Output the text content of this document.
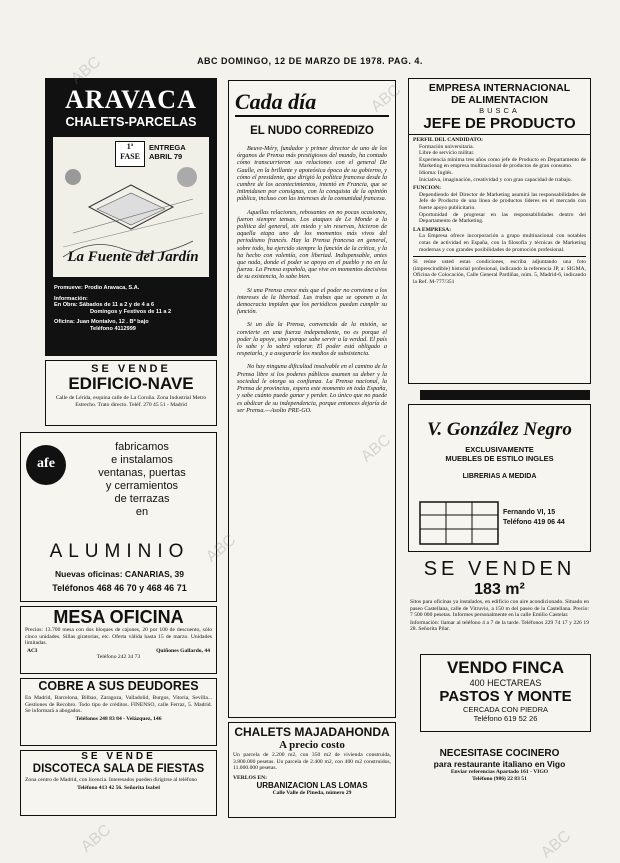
ABC DOMINGO, 12 DE MARZO DE 1978. PAG. 4.
ARAVACA
CHALETS-PARCELAS
1ª FASE
ENTREGA ABRIL 79
La Fuente del Jardín
Promueve: Prodio Aravaca, S.A.
Información:
En Obra: Sábados de 11 a 2 y de 4 a 6
Domingos y Festivos de 11 a 2
Oficina: Juan Montalvo, 12 . Bº bajo
Teléfono 4112999
SE VENDE
EDIFICIO-NAVE
Calle de Lérida, esquina calle de La Coruña. Zona Industrial Metro Estrecho. Trato directo. Teléf. 270 45 51 - Madrid
afe
fabricamos
e instalamos
ventanas, puertas
y cerramientos
de terrazas
en
ALUMINIO
Nuevas oficinas: CANARIAS, 39
Teléfonos 468 46 70 y 468 46 71
MESA OFICINA
Precios: 13.700 mesa con dos bloques de cajones, 20 por 100 de descuento, sólo cinco unidades. Sillas giratorias, etc. Oferta válida hasta 15 de marzo. Unidades limitadas.
ACI	Quiñones Gallardo, 44
Teléfono 242 34 73
COBRE A SUS DEUDORES
En Madrid, Barcelona, Bilbao, Zaragoza, Valladolid, Burgos, Vitoria, Sevilla... Gestiones de Recobro. Todo tipo de créditos. FINENSO, calle Ferraz, 5. Madrid. Se informará a abogados.
Teléfonos 248 83 84 - Velázquez, 146
SE VENDE
DISCOTECA SALA DE FIESTAS
Zona centro de Madrid, con licencia. Interesados pueden dirigirse al teléfono
Teléfono 413 42 56. Señorita Isabel
Cada día
EL NUDO CORREDIZO

Beuve-Méry, fundador y primer director de uno de los órganos de Prensa más prestigiosos del mundo, ha contado cómo transcurrieron sus relaciones con el general De Gaulle, en la brillante y apoteósica época de su gobierno, y cómo el presidente, que dirigió la política francesa desde la cumbre de los acontecimientos, intentó en Francia, que se intimidasen por consignas, con la conquista de la opinión pública, incluso con las intereses de la comunidad francesa.

Aquellas relaciones, rebosantes en no pocas ocasiones, fueron siempre tensas. Los ataques de Le Monde a la política del general, sin miedo y sin reservas, hicieron de aquella etapa uno de los momentos más vivos del periodismo francés. Hay la Prensa francesa en general, sobre todo, ha ejercido siempre la función de la crítica, y la ha hecho con valentía, con libertad. Indispensable, antes que nada, donde el poder se apoya en el pueblo y no en la fuerza. La Prensa española, que vive en momentos decisivos de su existencia, lo sabe bien.

Si una Prensa crece más que el poder no conviene a los intereses de la libertad. Las trabas que se oponen a la democracia impiden que los periódicos puedan cumplir su función.

Si un día la Prensa, convencida de la misión, se convierte en una fuerza independiente, no es porque el poder la apoye, sino porque sabe servir a la verdad. El país lo sabe y lo sabrá valorar. El poder está obligado a respetarla, y a asegurarle los medios de subsistencia.

No hay ninguna dificultad insalvable en el camino de la Prensa libre si los poderes públicos asumen su deber y la sociedad le otorga su confianza. La Prensa nacional, la Prensa de provincias, espera este momento en toda España, y sabe cuánto puede ganar y perder. Lo único que no puede es abdicar de su independencia, porque entonces dejaría de ser Prensa.—Asolto PRE-GO.

CHALETS MAJADAHONDA
A precio costo
Un parcela de 2.200 m2, con 350 m2 de vivienda construida, 3.800.000 pesetas. Un parcela de 2.400 m2, con 400 m2 construidos, 11.000.000 pesetas.
VERLOS EN:
URBANIZACION LAS LOMAS
Calle Valle de Pineda, número 29
EMPRESA INTERNACIONAL
DE ALIMENTACION
BUSCA
JEFE DE PRODUCTO
PERFIL DEL CANDIDATO:
Formación universitaria.
Libre de servicio militar.
Experiencia mínima tres años como jefe de Producto en Departamento de Marketing en empresa multinacional de productos de gran consumo.
Idioma: Inglés.
Iniciativa, imaginación, creatividad y con gran capacidad de trabajo.
FUNCION:
Dependiendo del Director de Marketing asumirá las responsabilidades de Jefe de Producto de una línea de productos líderes en el mercado con fuerte apoyo publicitario.
Oportunidad de progresar en las responsabilidades dentro del Departamento de Marketing.
LA EMPRESA:
La Empresa ofrece incorporación a grupo multinacional con notables cotas de actividad en España, con la filosofía y técnicas de Marketing modernas y con grandes posibilidades de promoción profesional.
Si reúne usted estas condiciones, escriba adjuntando una foto (imprescindible) historial profesional, indicando la referencia JP, a: SIGMA, Oficina de Colocación, Calle General Pardiñas, núm. 5, Madrid-6, indicando la Ref. M-777/351
V. González Negro
EXCLUSIVAMENTE
MUEBLES DE ESTILO INGLES
LIBRERIAS A MEDIDA
Fernando VI, 15
Teléfono 419 06 44
SE VENDEN
183 m²
Sitos para oficinas ya instalados, en edificio con aire acondicionado. Situado en paseo Castellana, calle de Vitruvio, a 150 m del paseo de la Castellana. Precio: 7 500 000 pesetas. Informes personalmente en la calle Emilio Castelar.
Información: llamar al teléfono 4 a 7 de la tarde. Teléfonos 229 74 17 y 226 19 28. Señorita Pilar.
VENDO FINCA
400 HECTAREAS
PASTOS Y MONTE
CERCADA CON PIEDRA
Teléfono 619 52 26
NECESITASE COCINERO
para restaurante italiano en Vigo
Enviar referencias Apartado 161 - VIGO
Teléfono (986) 22 83 51
ABC
ABC
ABC
ABC
ABC	ABC
